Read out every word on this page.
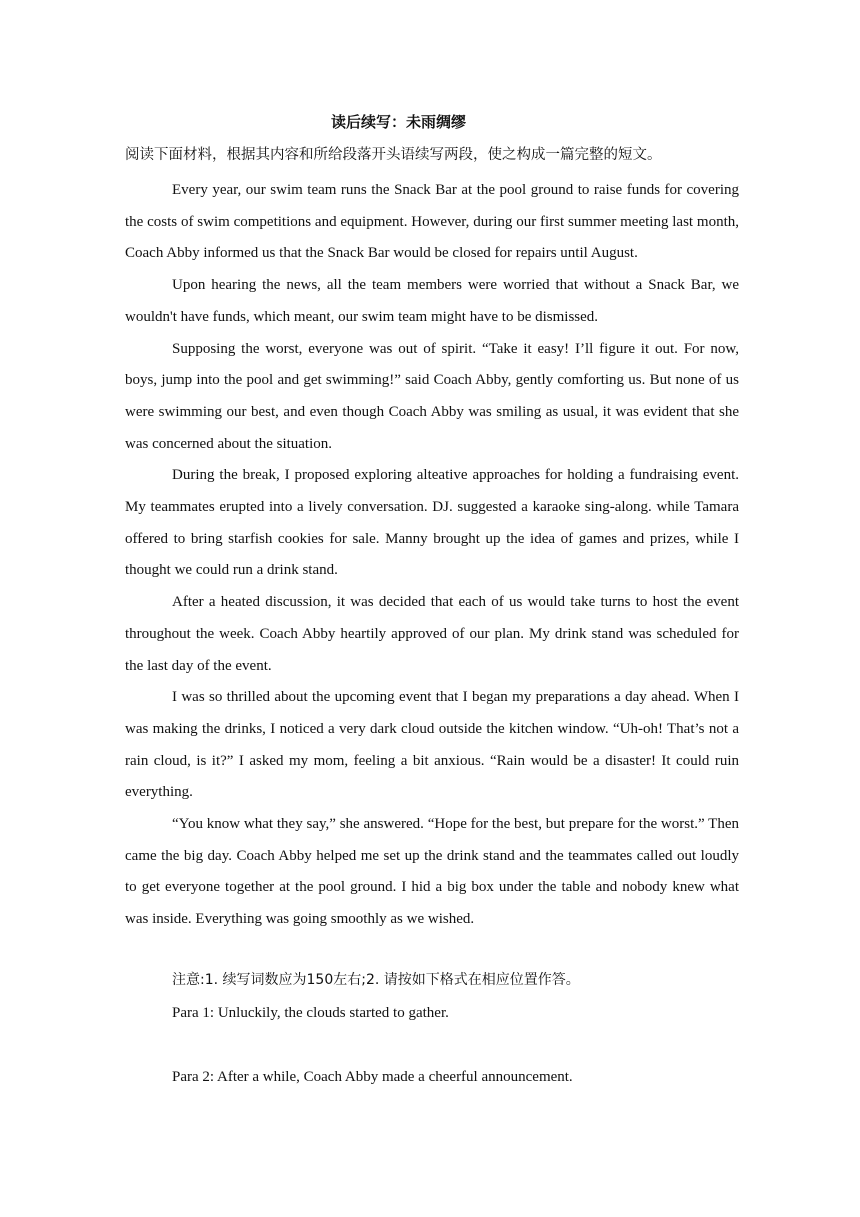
读后续写：未雨绸缪
阅读下面材料，根据其内容和所给段落开头语续写两段，使之构成一篇完整的短文。

Every year, our swim team runs the Snack Bar at the pool ground to raise funds for covering the costs of swim competitions and equipment. However, during our first summer meeting last month, Coach Abby informed us that the Snack Bar would be closed for repairs until August.

Upon hearing the news, all the team members were worried that without a Snack Bar, we wouldn't have funds, which meant, our swim team might have to be dismissed.

Supposing the worst, everyone was out of spirit. “Take it easy! I’ll figure it out. For now, boys, jump into the pool and get swimming!” said Coach Abby, gently comforting us. But none of us were swimming our best, and even though Coach Abby was smiling as usual, it was evident that she was concerned about the situation.

During the break, I proposed exploring alteative approaches for holding a fundraising event. My teammates erupted into a lively conversation. DJ. suggested a karaoke sing-along. while Tamara offered to bring starfish cookies for sale. Manny brought up the idea of games and prizes, while I thought we could run a drink stand.

After a heated discussion, it was decided that each of us would take turns to host the event throughout the week. Coach Abby heartily approved of our plan. My drink stand was scheduled for the last day of the event.

I was so thrilled about the upcoming event that I began my preparations a day ahead. When I was making the drinks, I noticed a very dark cloud outside the kitchen window. “Uh-oh! That’s not a rain cloud, is it?” I asked my mom, feeling a bit anxious. “Rain would be a disaster! It could ruin everything.

“You know what they say,” she answered. “Hope for the best, but prepare for the worst.” Then came the big day. Coach Abby helped me set up the drink stand and the teammates called out loudly to get everyone together at the pool ground. I hid a big box under the table and nobody knew what was inside. Everything was going smoothly as we wished.

注意:1. 续写词数应为150左右;2. 请按如下格式在相应位置作答。
Para 1: Unluckily, the clouds started to gather.
Para 2: After a while, Coach Abby made a cheerful announcement.
